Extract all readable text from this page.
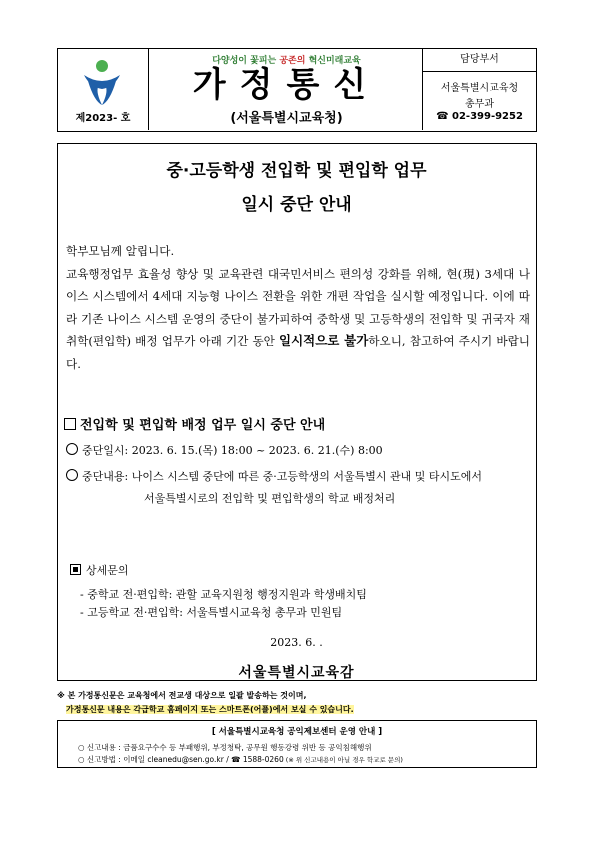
제2023- 호
다양성이 꽃피는 공존의 혁신미래교육
가정통신
(서울특별시교육청)
담당부서
서울특별시교육청
총무과
☎ 02-399-9252
중·고등학생 전입학 및 편입학 업무
일시 중단 안내

학부모님께 알립니다.

교육행정업무 효율성 향상 및 교육관련 대국민서비스 편의성 강화를 위해, 현(現) 3세대 나이스 시스템에서 4세대 지능형 나이스 전환을 위한 개편 작업을 실시할 예정입니다. 이에 따라 기존 나이스 시스템 운영의 중단이 불가피하여 중학생 및 고등학생의 전입학 및 귀국자 재취학(편입학) 배정 업무가 아래 기간 동안 일시적으로 불가하오니, 참고하여 주시기 바랍니다.

전입학 및 편입학 배정 업무 일시 중단 안내
중단일시: 2023. 6. 15.(목) 18:00 ~ 2023. 6. 21.(수) 8:00
중단내용: 나이스 시스템 중단에 따른 중·고등학생의 서울특별시 관내 및 타시도에서
서울특별시로의 전입학 및 편입학생의 학교 배정처리
상세문의
- 중학교 전·편입학: 관할 교육지원청 행정지원과 학생배치팀
- 고등학교 전·편입학: 서울특별시교육청 총무과 민원팀
2023. 6. .
서울특별시교육감
※ 본 가정통신문은 교육청에서 전교생 대상으로 일괄 발송하는 것이며,
가정통신문 내용은 각급학교 홈페이지 또는 스마트폰(어플)에서 보실 수 있습니다.
[ 서울특별시교육청 공익제보센터 운영 안내 ]
○ 신고내용 : 금품요구수수 등 부패행위, 부정청탁, 공무원 행동강령 위반 등 공익침해행위
○ 신고방법 : 이메일 cleanedu@sen.go.kr / ☎ 1588-0260 (※ 위 신고내용이 아닐 경우 학교로 문의)
